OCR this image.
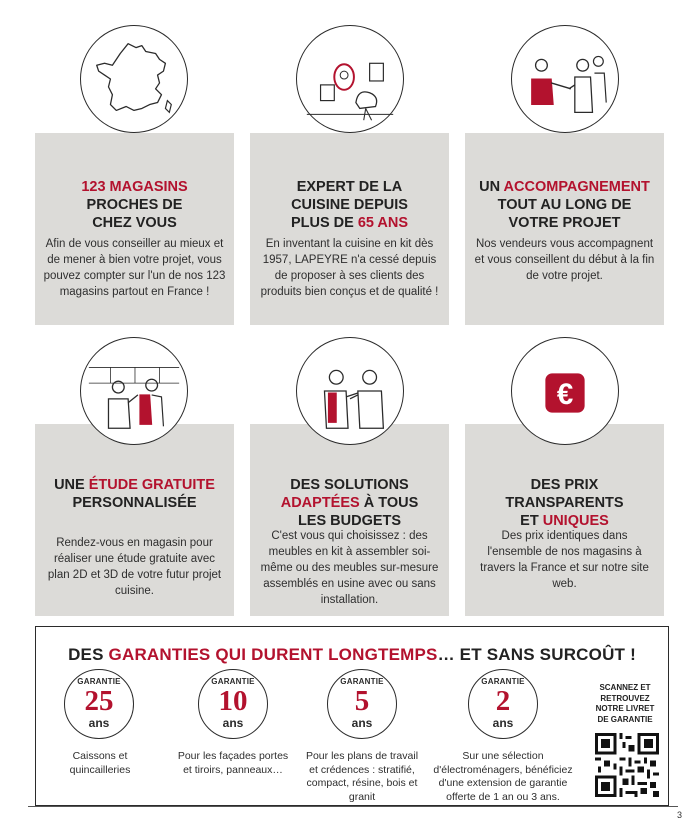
123 MAGASINS
PROCHES DE
CHEZ VOUS
Afin de vous conseiller au mieux et de mener à bien votre projet, vous pouvez compter sur l'un de nos 123 magasins partout en France !
EXPERT DE LA
CUISINE DEPUIS
PLUS DE 65 ANS
En inventant la cuisine en kit dès 1957, LAPEYRE n'a cessé depuis de proposer à ses clients des produits bien conçus et de qualité !
UN ACCOMPAGNEMENT
TOUT AU LONG DE
VOTRE PROJET
Nos vendeurs vous accompagnent et vous conseillent du début à la fin de votre projet.
UNE ÉTUDE GRATUITE
PERSONNALISÉE
Rendez-vous en magasin pour réaliser une étude gratuite avec plan 2D et 3D de votre futur projet cuisine.
DES SOLUTIONS
ADAPTÉES À TOUS
LES BUDGETS
C'est vous qui choisissez : des meubles en kit à assembler soi-même ou des meubles sur-mesure assemblés en usine avec ou sans installation.
DES PRIX
TRANSPARENTS
ET UNIQUES
Des prix identiques dans l'ensemble de nos magasins à travers la France et sur notre site web.
€
DES GARANTIES QUI DURENT LONGTEMPS… ET SANS SURCOÛT !
GARANTIE
25
ans
Caissons et quincailleries
GARANTIE
10
ans
Pour les façades portes et tiroirs, panneaux…
GARANTIE
5
ans
Pour les plans de travail et crédences : stratifié, compact, résine, bois et granit
GARANTIE
2
ans
Sur une sélection d'électroménagers, bénéficiez d'une extension de garantie offerte de 1 an ou 3 ans.
SCANNEZ ET RETROUVEZ NOTRE LIVRET DE GARANTIE
3
